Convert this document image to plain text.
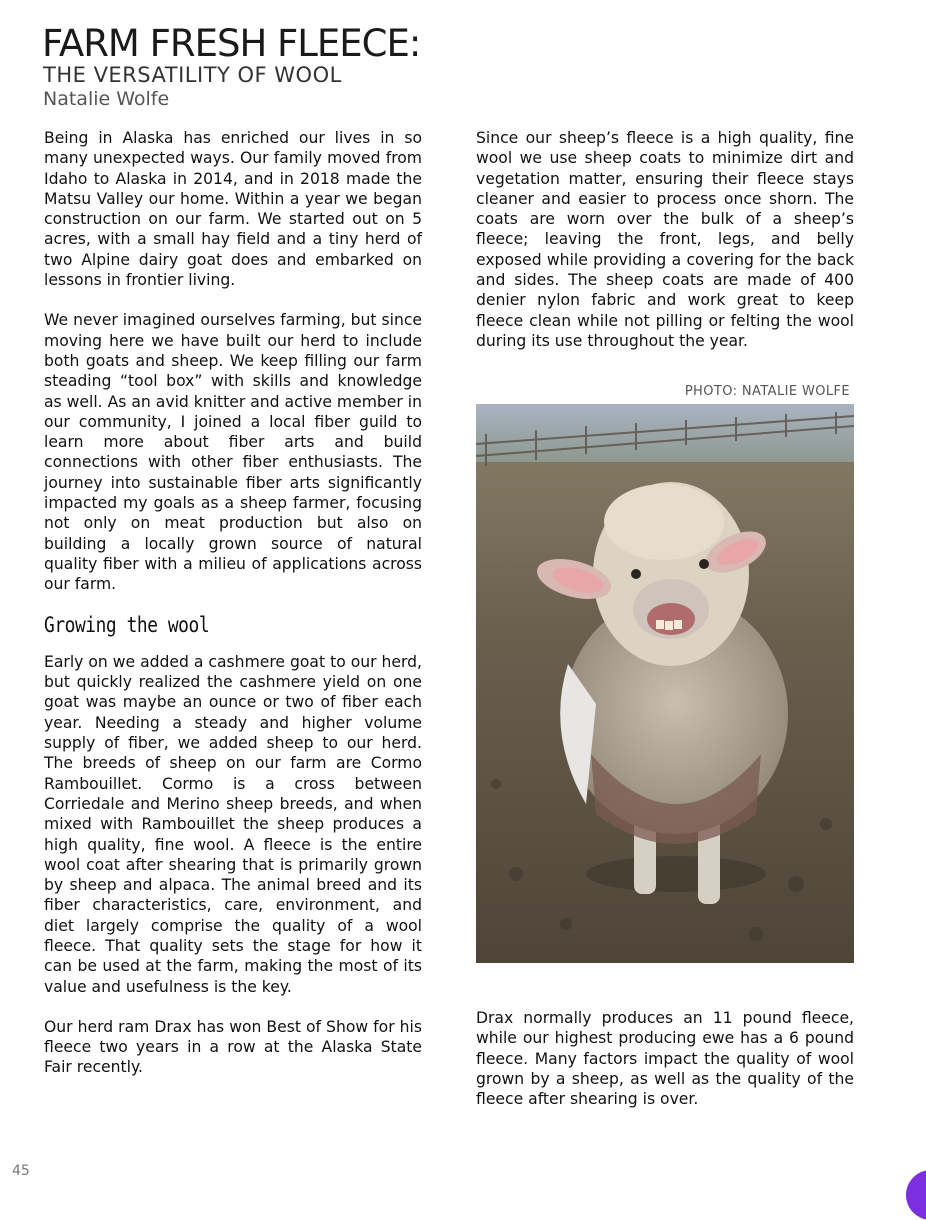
FARM FRESH FLEECE:
THE VERSATILITY OF WOOL
Natalie Wolfe

Being in Alaska has enriched our lives in so many unexpected ways. Our family moved from Idaho to Alaska in 2014, and in 2018 made the Matsu Valley our home. Within a year we began construction on our farm. We started out on 5 acres, with a small hay field and a tiny herd of two Alpine dairy goat does and embarked on lessons in frontier living.

We never imagined ourselves farming, but since moving here we have built our herd to include both goats and sheep. We keep filling our farm steading “tool box” with skills and knowledge as well. As an avid knitter and active member in our community, I joined a local fiber guild to learn more about fiber arts and build connections with other fiber enthusiasts. The journey into sustainable fiber arts significantly impacted my goals as a sheep farmer, focusing not only on meat production but also on building a locally grown source of natural quality fiber with a milieu of applications across our farm.

Growing the wool

Early on we added a cashmere goat to our herd, but quickly realized the cashmere yield on one goat was maybe an ounce or two of fiber each year. Needing a steady and higher volume supply of fiber, we added sheep to our herd. The breeds of sheep on our farm are Cormo Rambouillet. Cormo is a cross between Corriedale and Merino sheep breeds, and when mixed with Rambouillet the sheep produces a high quality, fine wool. A fleece is the entire wool coat after shearing that is primarily grown by sheep and alpaca. The animal breed and its fiber characteristics, care, environment, and diet largely comprise the quality of a wool fleece. That quality sets the stage for how it can be used at the farm, making the most of its value and usefulness is the key.

Our herd ram Drax has won Best of Show for his fleece two years in a row at the Alaska State Fair recently.

Since our sheep’s fleece is a high quality, fine wool we use sheep coats to minimize dirt and vegetation matter, ensuring their fleece stays cleaner and easier to process once shorn. The coats are worn over the bulk of a sheep’s fleece; leaving the front, legs, and belly exposed while providing a covering for the back and sides. The sheep coats are made of 400 denier nylon fabric and work great to keep fleece clean while not pilling or felting the wool during its use throughout the year.

PHOTO: NATALIE WOLFE

Drax normally produces an 11 pound fleece, while our highest producing ewe has a 6 pound fleece. Many factors impact the quality of wool grown by a sheep, as well as the quality of the fleece after shearing is over.

45
